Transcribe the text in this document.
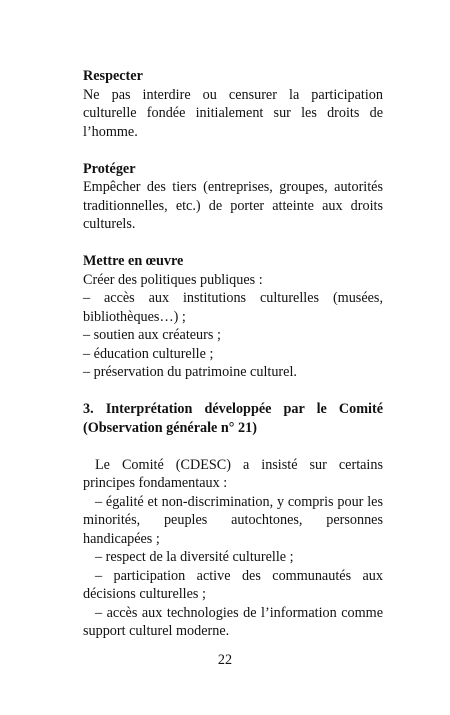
Respecter

Ne pas interdire ou censurer la participation culturelle fondée initialement sur les droits de l’homme.

Protéger

Empêcher des tiers (entreprises, groupes, autorités traditionnelles, etc.) de porter atteinte aux droits culturels.

Mettre en œuvre

Créer des politiques publiques :

– accès aux institutions culturelles (musées, bibliothèques…) ;

– soutien aux créateurs ;

– éducation culturelle ;

– préservation du patrimoine culturel.

3. Interprétation développée par le Comité (Observation générale n° 21)

Le Comité (CDESC) a insisté sur certains principes fondamentaux :

– égalité et non-discrimination, y compris pour les minorités, peuples autochtones, personnes handicapées ;

– respect de la diversité culturelle ;

– participation active des communautés aux décisions culturelles ;

– accès aux technologies de l’information comme support culturel moderne.

22
